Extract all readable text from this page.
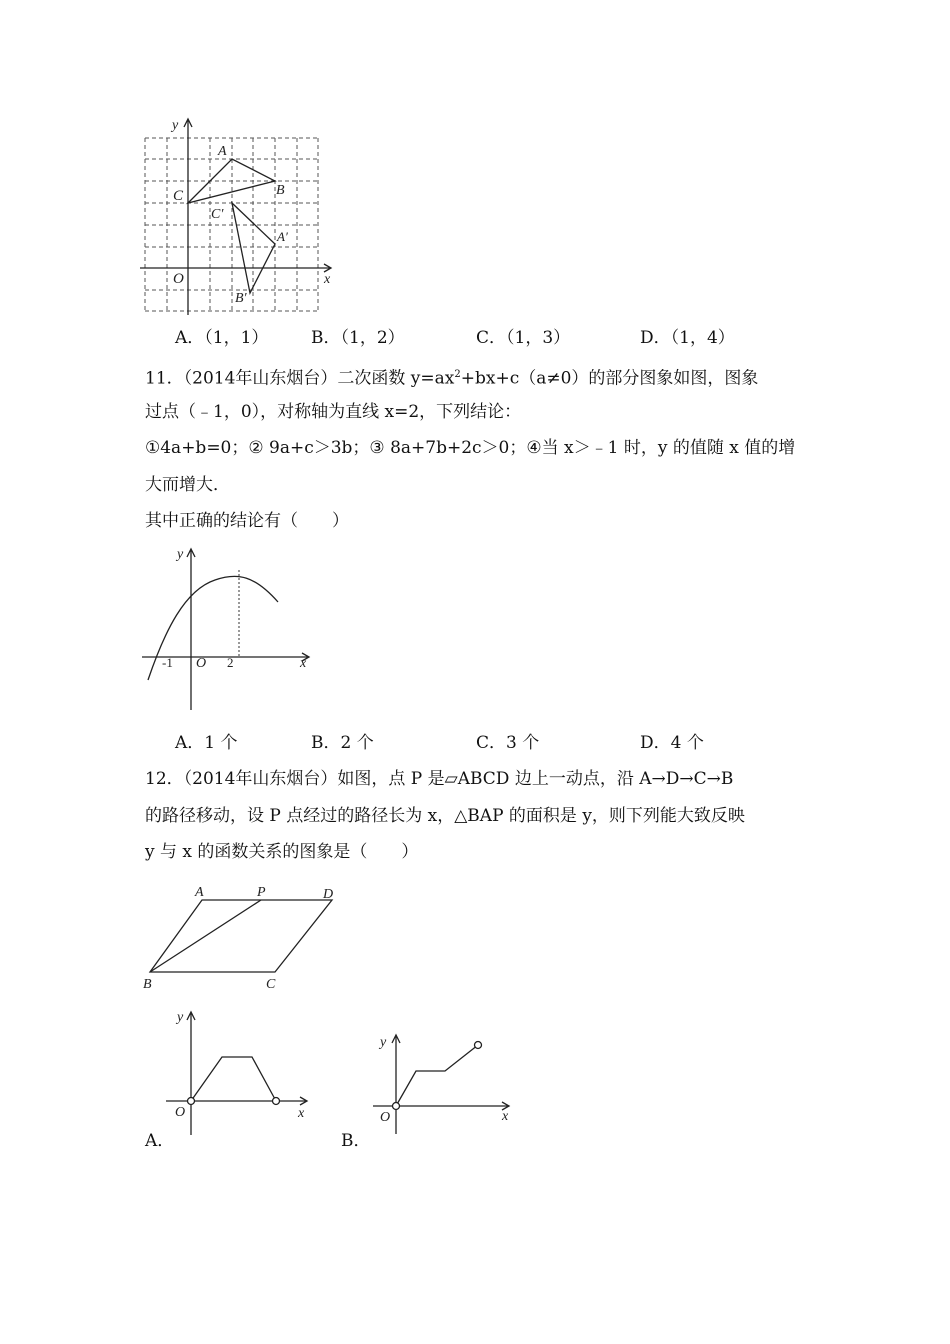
y
x
O
A
B
C
C′
A′
B′
A．（1，1）	B．（1，2）	C．（1，3）	D．（1，4）
11．（2014年山东烟台）二次函数 $y=ax^2+bx+c(a\ne 0)$的部分图象如图，图象
过点（﹣1，0），对称轴为直线 x=2，下列结论：
①4a+b=0；② 9a+c＞3b；③ 8a+7b+2c＞0；④当 x＞﹣1 时，y 的值随 x 值的增
大而增大．
其中正确的结论有（　　）
y
x
O
-1	2
A．1 个	B．2 个	C．3 个	D．4 个
12．（2014年山东烟台）如图，点 P 是▱ABCD 边上一动点，沿 A→D→C→B
的路径移动，设 P 点经过的路径长为 x，△BAP 的面积是 y，则下列能大致反映
y 与 x 的函数关系的图象是（　　）
A	P	D
B	C
y
x
O
A．
y
x
O
B．
